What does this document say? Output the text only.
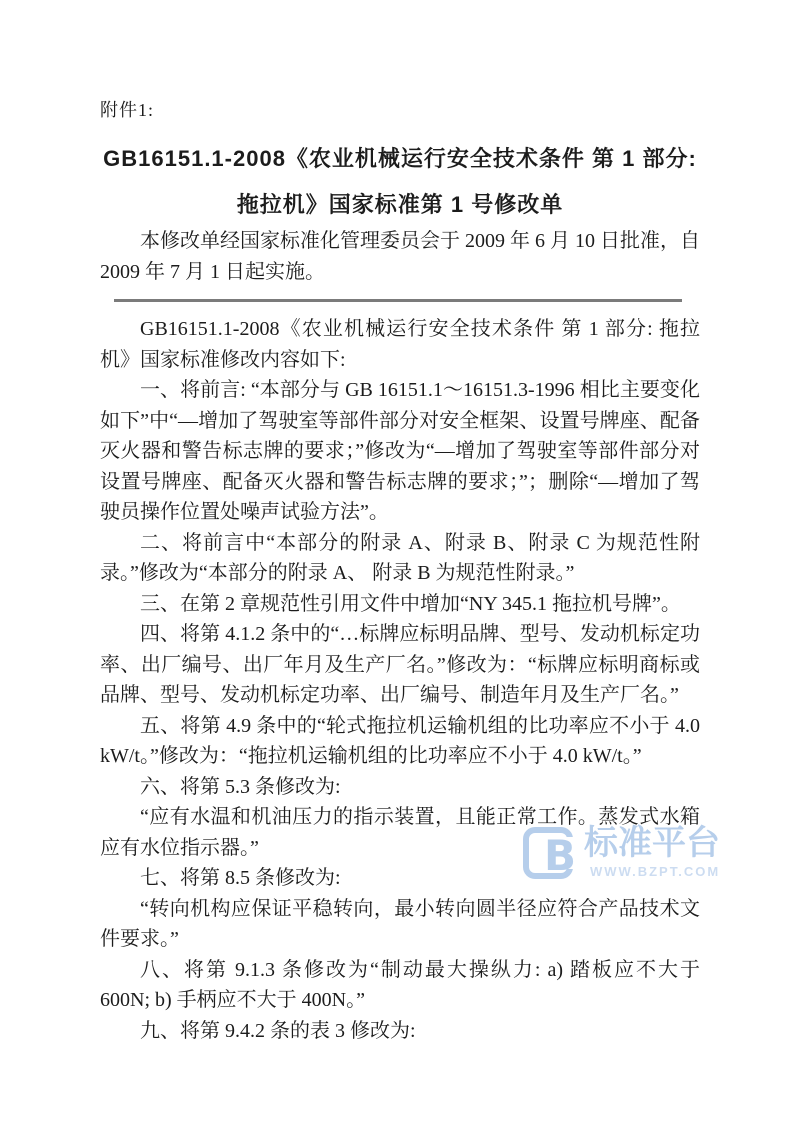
附件1:
GB16151.1-2008《农业机械运行安全技术条件 第 1 部分:
拖拉机》国家标准第 1 号修改单
本修改单经国家标准化管理委员会于 2009 年 6 月 10 日批准，自 2009 年 7 月 1 日起实施。
B 标准平台
WWW.BZPT.COM

GB16151.1-2008《农业机械运行安全技术条件 第 1 部分: 拖拉机》国家标准修改内容如下:

一、将前言: “本部分与 GB 16151.1～16151.3-1996 相比主要变化如下”中“—增加了驾驶室等部件部分对安全框架、设置号牌座、配备灭火器和警告标志牌的要求；”修改为“—增加了驾驶室等部件部分对设置号牌座、配备灭火器和警告标志牌的要求；”；删除“—增加了驾驶员操作位置处噪声试验方法”。

二、将前言中“本部分的附录 A、附录 B、附录 C 为规范性附录。”修改为“本部分的附录 A、 附录 B 为规范性附录。”

三、在第 2 章规范性引用文件中增加“NY 345.1 拖拉机号牌”。

四、将第 4.1.2 条中的“…标牌应标明品牌、型号、发动机标定功率、出厂编号、出厂年月及生产厂名。”修改为：“标牌应标明商标或品牌、型号、发动机标定功率、出厂编号、制造年月及生产厂名。”

五、将第 4.9 条中的“轮式拖拉机运输机组的比功率应不小于 4.0 kW/t。”修改为：“拖拉机运输机组的比功率应不小于 4.0 kW/t。”

六、将第 5.3 条修改为:

“应有水温和机油压力的指示装置，且能正常工作。蒸发式水箱应有水位指示器。”

七、将第 8.5 条修改为:

“转向机构应保证平稳转向，最小转向圆半径应符合产品技术文件要求。”

八、将第 9.1.3 条修改为“制动最大操纵力: a) 踏板应不大于 600N; b) 手柄应不大于 400N。”

九、将第 9.4.2 条的表 3 修改为:
